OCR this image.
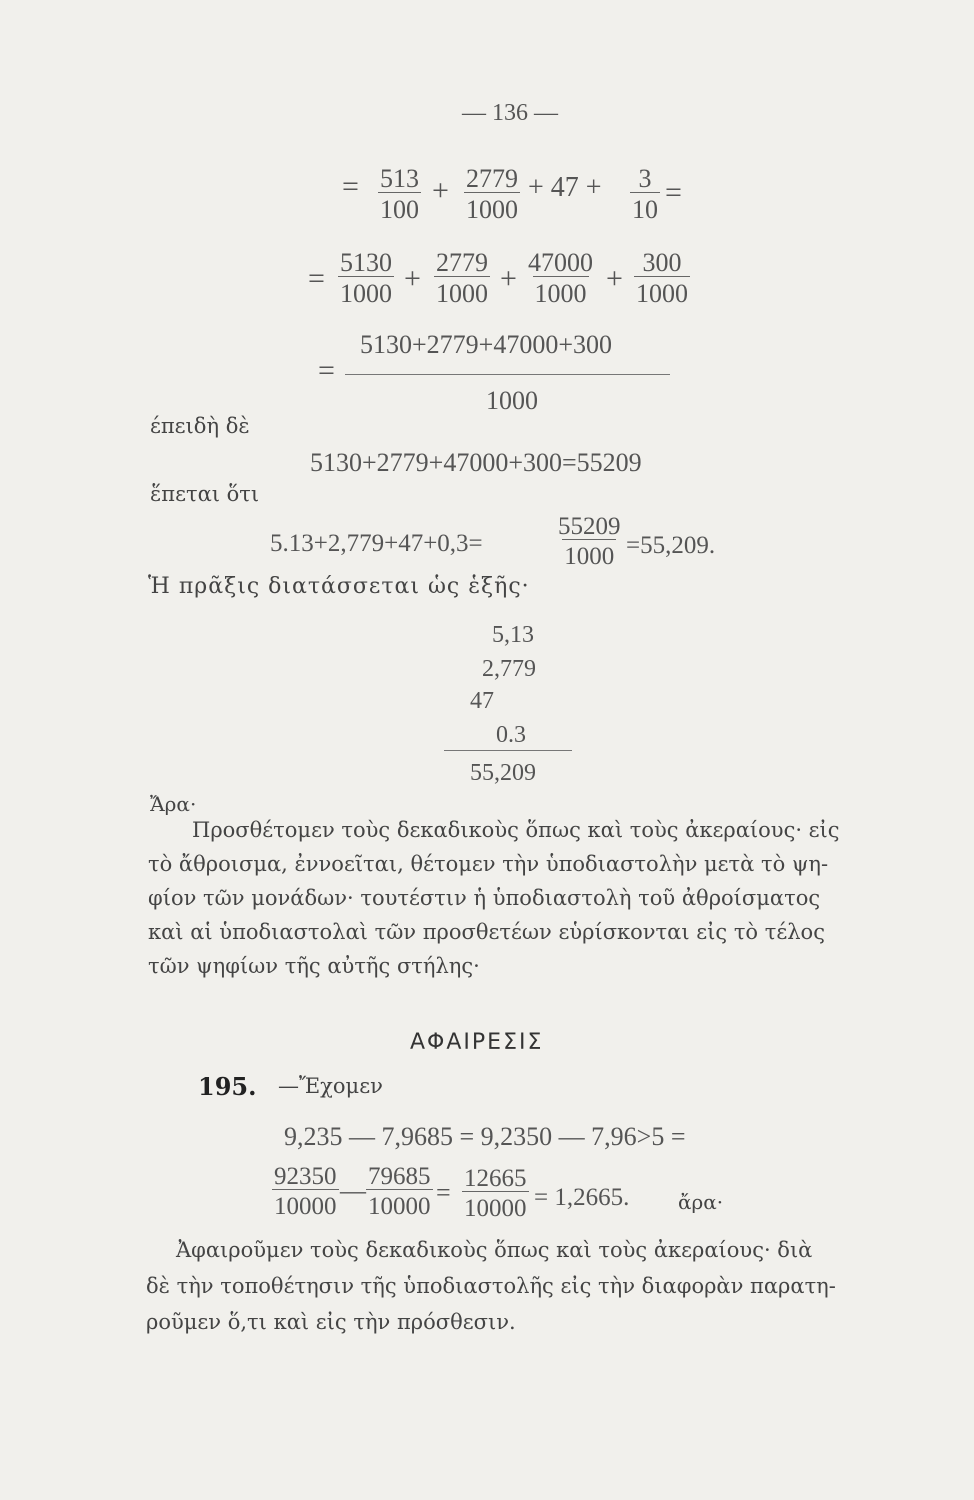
— 136 —
= $\frac{513}{100} + \frac{2779}{1000} + 47 + \frac{3}{10}$ =
= $\frac{5130}{1000} + \frac{2779}{1000} + \frac{47000}{1000} + \frac{300}{1000}$
=
5130+2779+47000+300
1000
έπειδὴ δὲ
5130+2779+47000+300=55209
ἕπεται ὅτι
5.13+2,779+47+0,3=	$\frac{55209}{1000} =55,209$.
Ἡ πρᾶξις διατάσσεται ὡς ἑξῆς·
5,13
2,779
47
0.3
55,209
Ἄρα·
Προσθέτομεν τοὺς δεκαδικοὺς ὅπως καὶ τοὺς ἀκεραίους· εἰς
τὸ ἄθροισμα, ἐννοεῖται, θέτομεν τὴν ὑποδιαστολὴν μετὰ τὸ ψη-
φίον τῶν μονάδων· τουτέστιν ἡ ὑποδιαστολὴ τοῦ ἀθροίσματος
καὶ αἱ ὑποδιαστολαὶ τῶν προσθετέων εὑρίσκονται εἰς τὸ τέλος
τῶν ψηφίων τῆς αὐτῆς στήλης·
ΑΦΑΙΡΕΣΙΣ
195. —Ἔχομεν
9,235 — 7,9685 = 9,2350 — 7,96>5 =
$\frac{92350}{10000}$ — $\frac{79685}{10000} = \frac{12665}{10000} = 1,2665$. ἄρα·
Ἀφαιροῦμεν τοὺς δεκαδικοὺς ὅπως καὶ τοὺς ἀκεραίους· διὰ
δὲ τὴν τοποθέτησιν τῆς ὑποδιαστολῆς εἰς τὴν διαφορὰν παρατη-
ροῦμεν ὅ,τι καὶ εἰς τὴν πρόσθεσιν.
